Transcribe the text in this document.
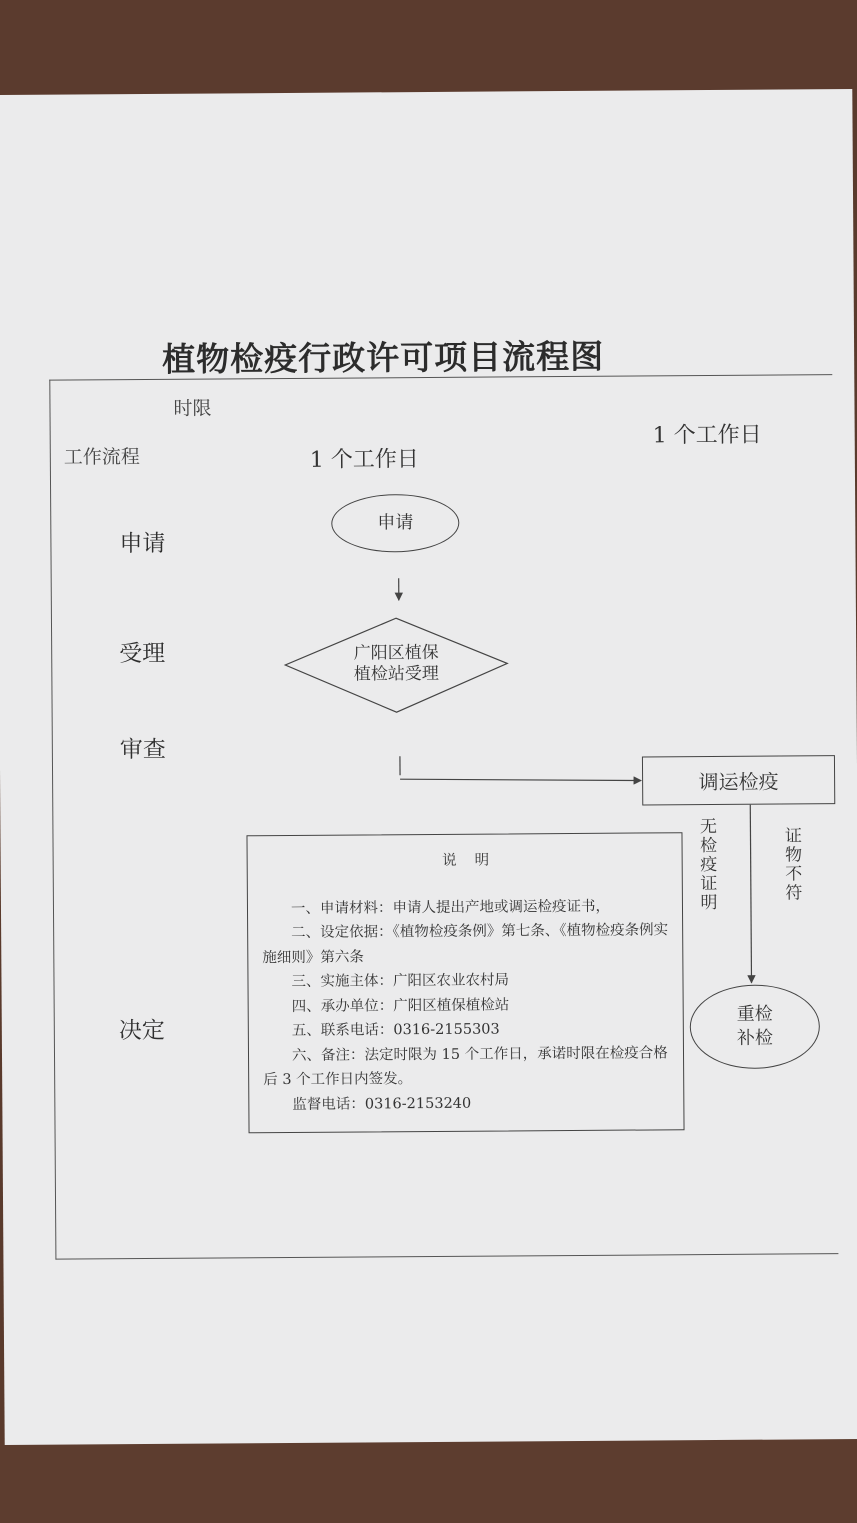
植物检疫行政许可项目流程图
时限
工作流程	1 个工作日
1 个工作日
申请
受理
审查
决定
申请
广阳区植保
植检站受理
调运检疫
无检疫证明
证物不符
重检
补检
说明

一、申请材料：申请人提出产地或调运检疫证书，

二、设定依据：《植物检疫条例》第七条、《植物检疫条例实施细则》第六条

三、实施主体：广阳区农业农村局

四、承办单位：广阳区植保植检站

五、联系电话：0316-2155303

六、备注：法定时限为 15 个工作日，承诺时限在检疫合格后 3 个工作日内签发。

监督电话：0316-2153240
